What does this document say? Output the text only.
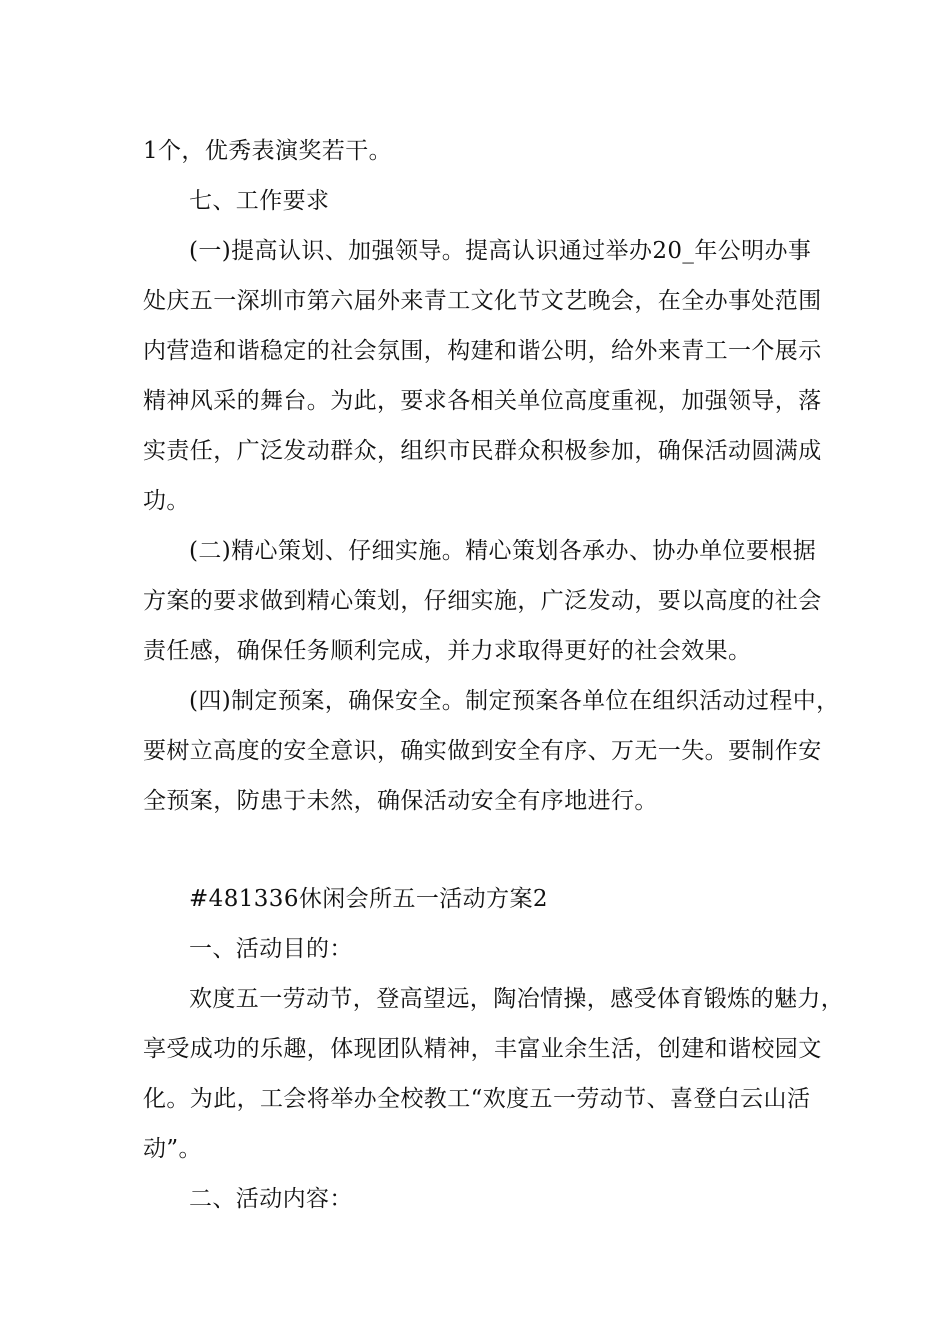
1个，优秀表演奖若干。
七、工作要求
(一)提高认识、加强领导。提高认识通过举办20_年公明办事
处庆五一深圳市第六届外来青工文化节文艺晚会，在全办事处范围
内营造和谐稳定的社会氛围，构建和谐公明，给外来青工一个展示
精神风采的舞台。为此，要求各相关单位高度重视，加强领导，落
实责任，广泛发动群众，组织市民群众积极参加，确保活动圆满成
功。
(二)精心策划、仔细实施。精心策划各承办、协办单位要根据
方案的要求做到精心策划，仔细实施，广泛发动，要以高度的社会
责任感，确保任务顺利完成，并力求取得更好的社会效果。
(四)制定预案，确保安全。制定预案各单位在组织活动过程中，
要树立高度的安全意识，确实做到安全有序、万无一失。要制作安
全预案，防患于未然，确保活动安全有序地进行。
#481336休闲会所五一活动方案2
一、活动目的：
欢度五一劳动节，登高望远，陶冶情操，感受体育锻炼的魅力，
享受成功的乐趣，体现团队精神，丰富业余生活，创建和谐校园文
化。为此，工会将举办全校教工“欢度五一劳动节、喜登白云山活
动”。
二、活动内容：
